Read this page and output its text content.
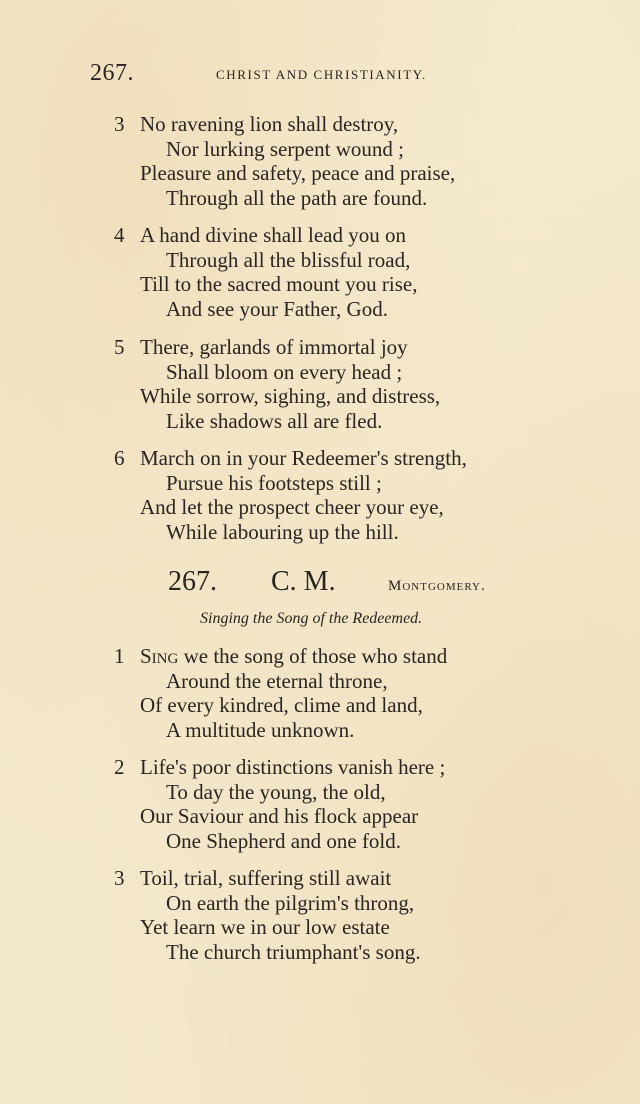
267.	CHRIST AND CHRISTIANITY.
3 No ravening lion shall destroy,
Nor lurking serpent wound ;
Pleasure and safety, peace and praise,
Through all the path are found.
4 A hand divine shall lead you on
Through all the blissful road,
Till to the sacred mount you rise,
And see your Father, God.
5 There, garlands of immortal joy
Shall bloom on every head ;
While sorrow, sighing, and distress,
Like shadows all are fled.
6 March on in your Redeemer's strength,
Pursue his footsteps still ;
And let the prospect cheer your eye,
While labouring up the hill.
267. C. M.	Montgomery.
Singing the Song of the Redeemed.
1 Sing we the song of those who stand
Around the eternal throne,
Of every kindred, clime and land,
A multitude unknown.
2 Life's poor distinctions vanish here ;
To day the young, the old,
Our Saviour and his flock appear
One Shepherd and one fold.
3 Toil, trial, suffering still await
On earth the pilgrim's throng,
Yet learn we in our low estate
The church triumphant's song.
